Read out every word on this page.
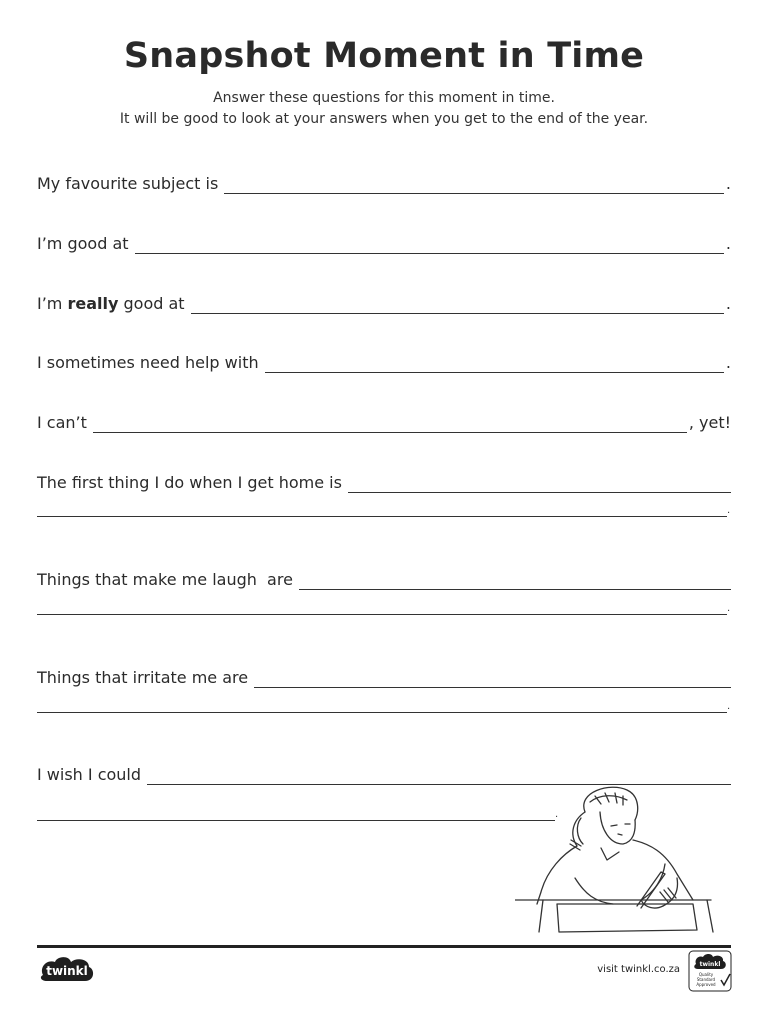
Snapshot Moment in Time
Answer these questions for this moment in time.
It will be good to look at your answers when you get to the end of the year.
My favourite subject is	.
I’m good at	.
I’m really good at	.
I sometimes need help with	.
I can’t	, yet!
The first thing I do when I get home is
.
Things that make me laugh  are
.
Things that irritate me are
.
I wish I could
.
twinkl	visit twinkl.co.za	twinkl
Quality Standard Approved
